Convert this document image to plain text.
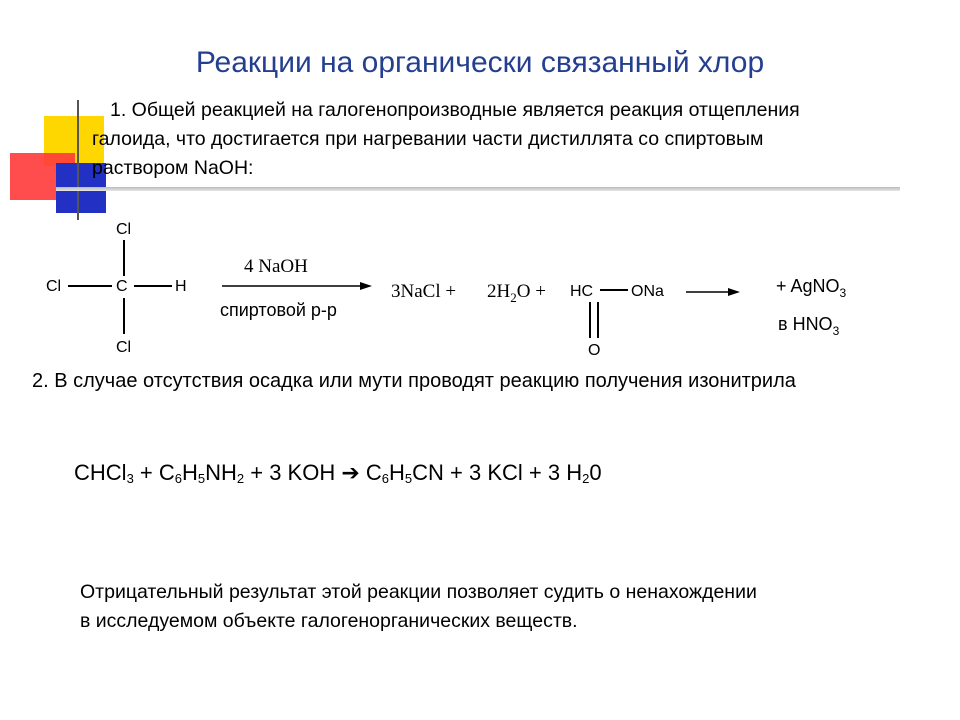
Реакции на органически связанный хлор
1. Общей реакцией на галогенопроизводные является реакция отщепления
галоида, что достигается при нагревании части дистиллята со спиртовым
раствором NaOH:
Cl
Cl	C	H
Cl
4 NaOH
спиртовой р-р
3NaCl + $2H_2O$ + HC ONa
O
+ AgNO$_3$
в $HNO_3$
2. В случае отсутствия осадка или мути проводят реакцию получения изонитрила
CHCl$_3$ + $C_6H_5NH_2 + 3$ KOH ➔ $C_6H_5CN + 3$ KCl + 3 $H_20$
Отрицательный результат этой реакции позволяет судить о ненахождении
в исследуемом объекте галогенорганических веществ.
